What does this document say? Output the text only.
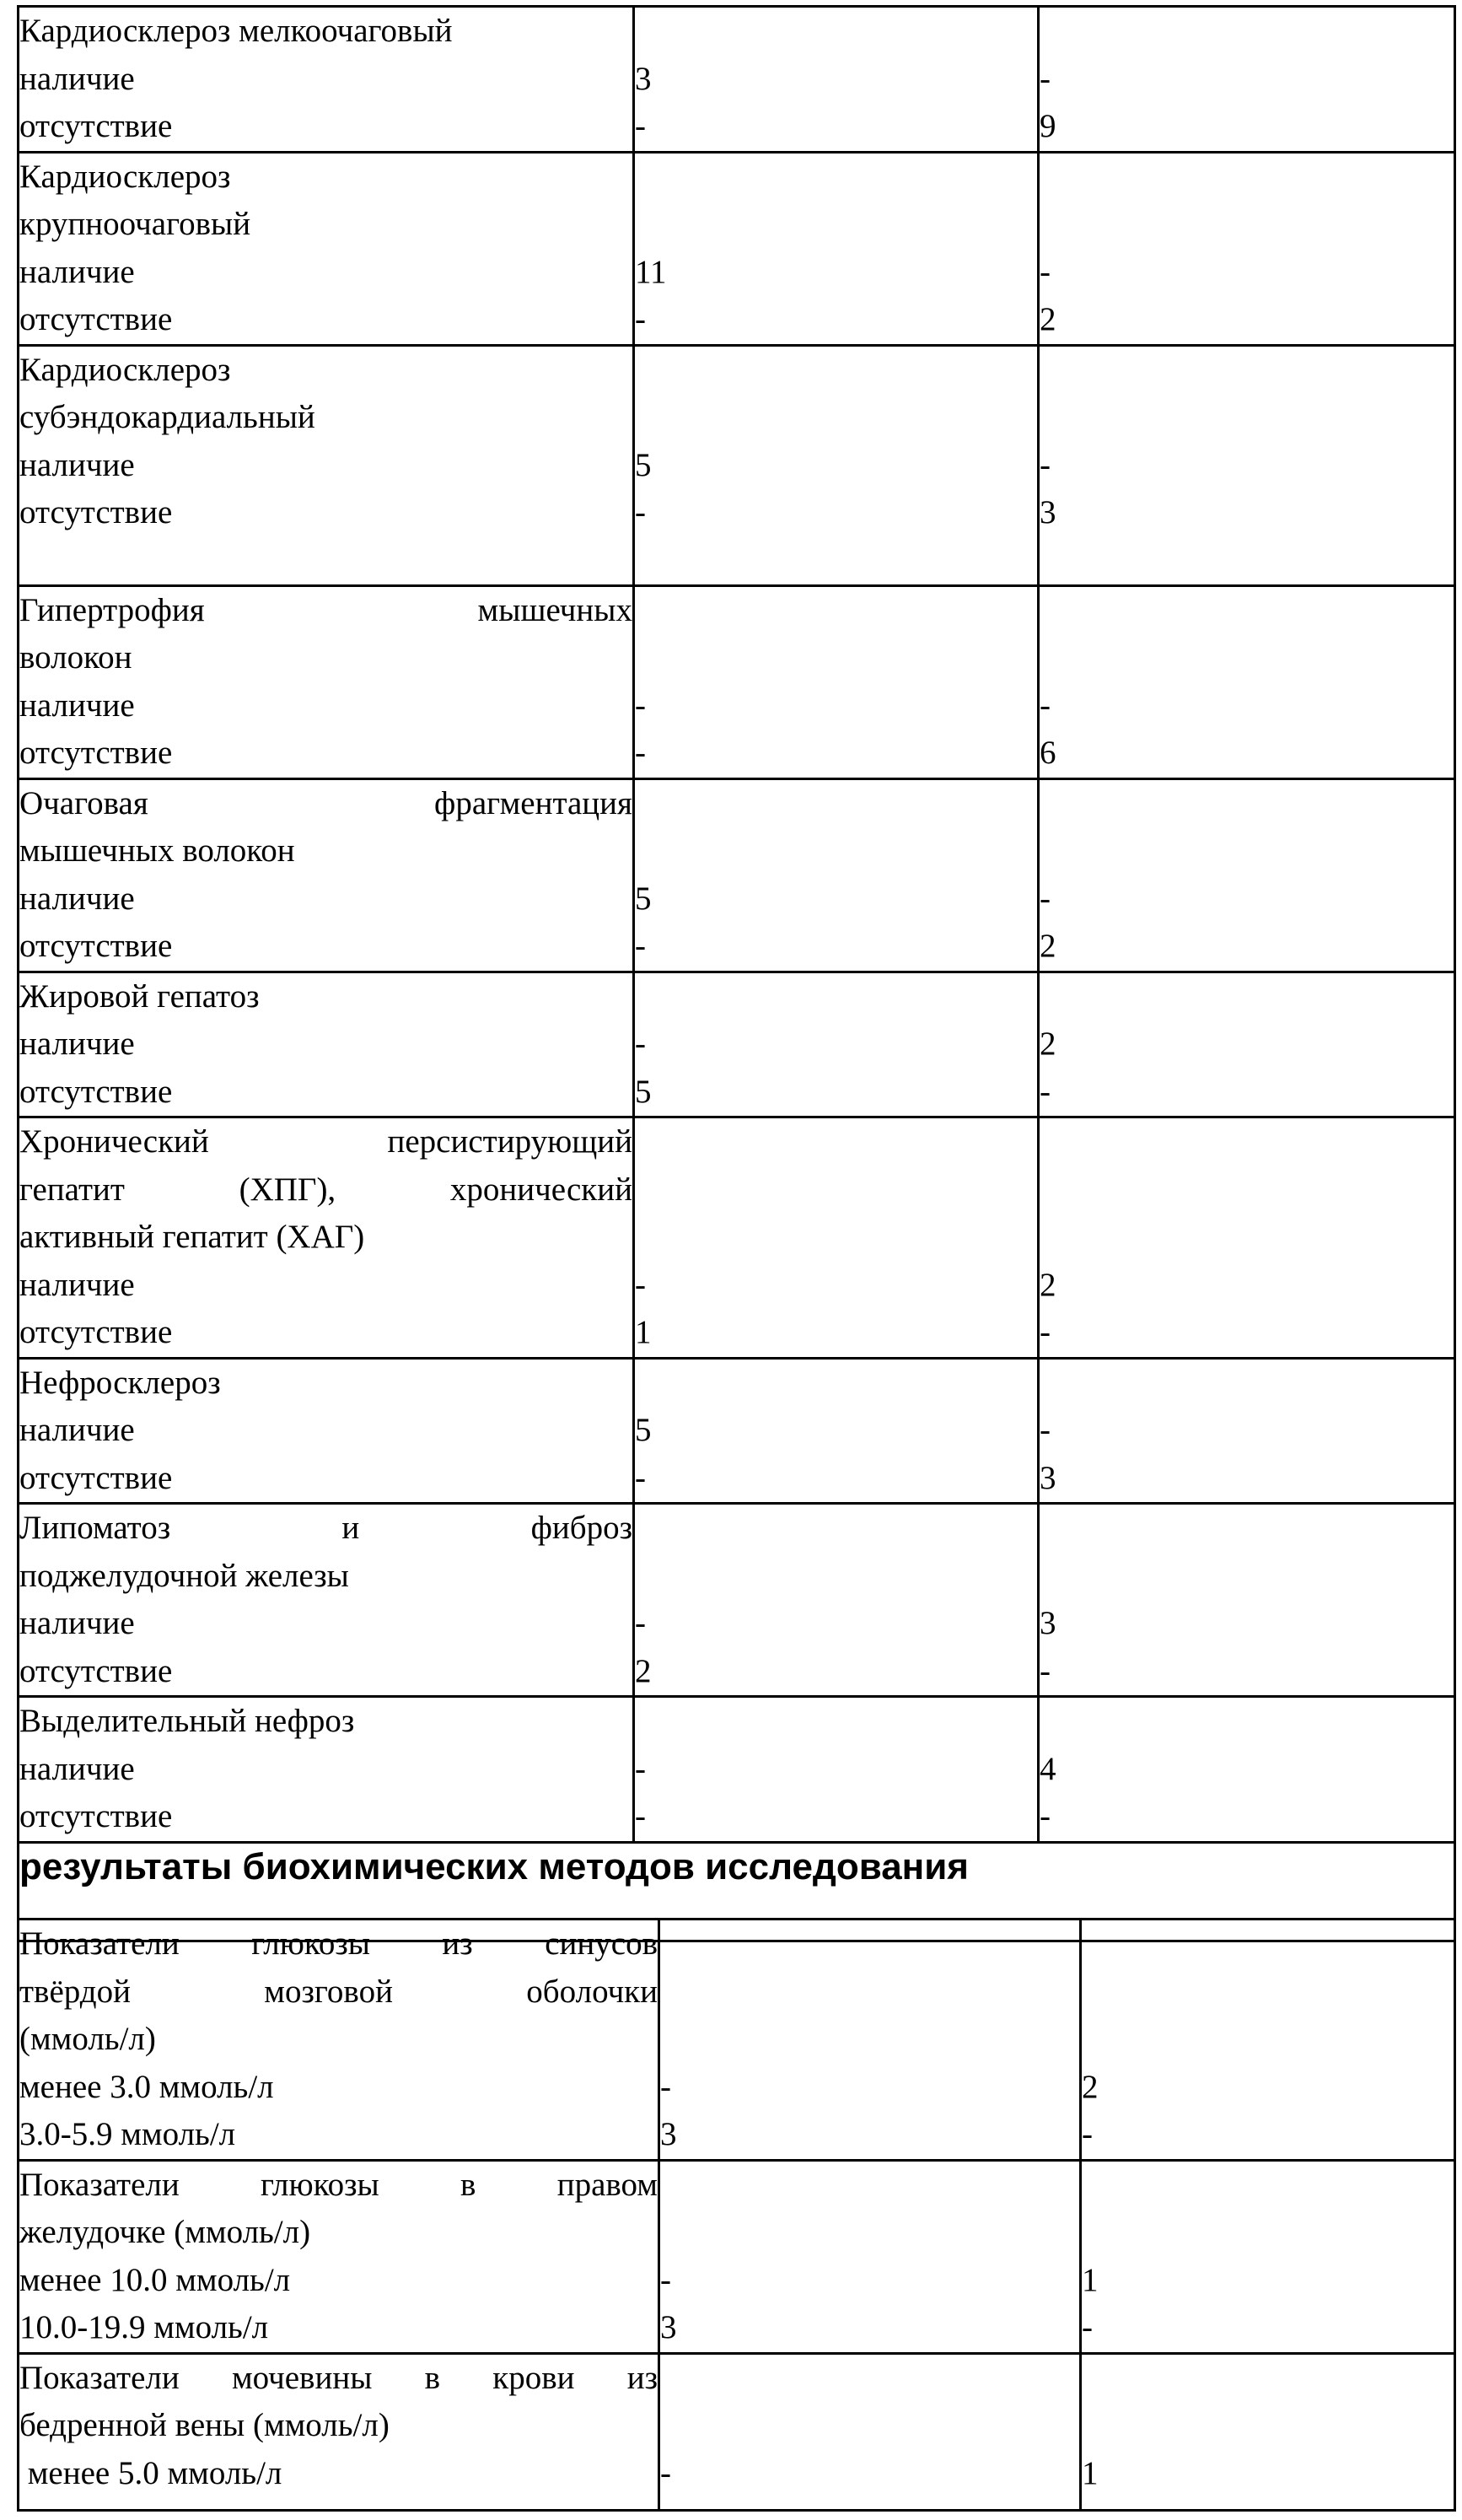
Кардиосклероз мелкоочаговый
наличие
отсутствие

3
-

-
9

Кардиосклероз
крупноочаговый
наличие
отсутствие

11
-

-
2

Кардиосклероз
субэндокардиальный
наличие
отсутствие

5
-

-
3

Гипертрофия мышечных
волокон
наличие
отсутствие

-
-

-
6

Очаговая фрагментация
мышечных волокон
наличие
отсутствие

5
-

-
2

Жировой гепатоз
наличие
отсутствие

-
5

2
-

Хронический персистирующий
гепатит (ХПГ), хронический
активный гепатит (ХАГ)
наличие
отсутствие

-
1

2
-

Нефросклероз
наличие
отсутствие

5
-

-
3

Липоматоз и фиброз
поджелудочной железы
наличие
отсутствие

-
2

3
-

Выделительный нефроз
наличие
отсутствие

-
-

4
-

результаты биохимических методов исследования
Показатели глюкозы из синусов
твёрдой мозговой оболочки
(ммоль/л)
менее 3.0 ммоль/л
3.0-5.9 ммоль/л

-
3

2
-

Показатели глюкозы в правом
желудочке (ммоль/л)
менее 10.0 ммоль/л
10.0-19.9 ммоль/л

-
3

1
-

Показатели мочевины в крови из
бедренной вены (ммоль/л)
менее 5.0 ммоль/л	-	1
